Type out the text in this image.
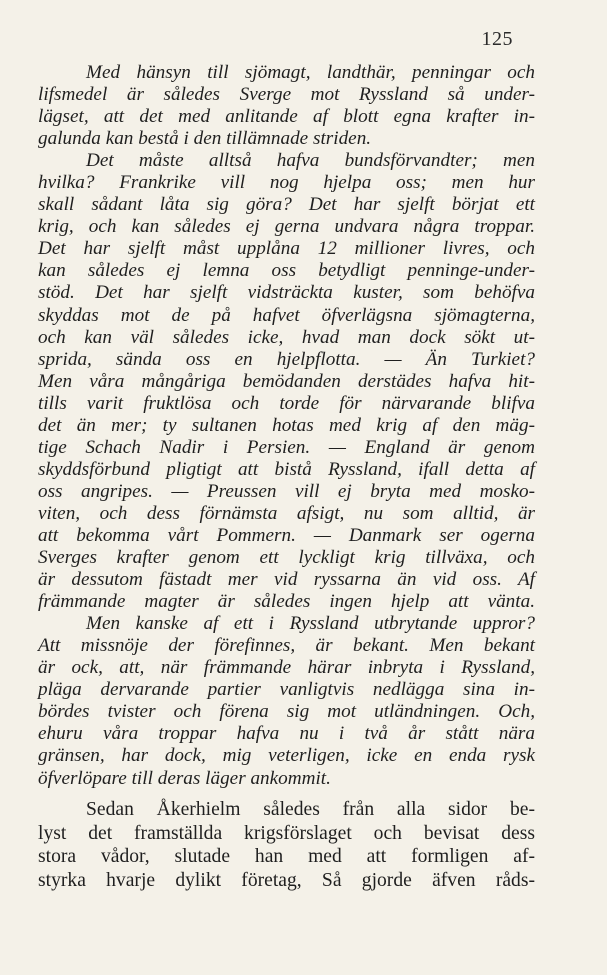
125
Med hänsyn till sjömagt, landthär, penningar och
lifsmedel är således Sverge mot Ryssland så under-
lägset, att det med anlitande af blott egna krafter in-
galunda kan bestå i den tillämnade striden.
Det måste alltså hafva bundsförvandter; men
hvilka? Frankrike vill nog hjelpa oss; men hur
skall sådant låta sig göra? Det har sjelft börjat ett
krig, och kan således ej gerna undvara några troppar.
Det har sjelft måst upplåna 12 millioner livres, och
kan således ej lemna oss betydligt penninge-under-
stöd. Det har sjelft vidsträckta kuster, som behöfva
skyddas mot de på hafvet öfverlägsna sjömagterna,
och kan väl således icke, hvad man dock sökt ut-
sprida, sända oss en hjelpflotta. — Än Turkiet?
Men våra mångåriga bemödanden derstädes hafva hit-
tills varit fruktlösa och torde för närvarande blifva
det än mer; ty sultanen hotas med krig af den mäg-
tige Schach Nadir i Persien. — England är genom
skyddsförbund pligtigt att bistå Ryssland, ifall detta af
oss angripes. — Preussen vill ej bryta med mosko-
viten, och dess förnämsta afsigt, nu som alltid, är
att bekomma vårt Pommern. — Danmark ser ogerna
Sverges krafter genom ett lyckligt krig tillväxa, och
är dessutom fästadt mer vid ryssarna än vid oss. Af
främmande magter är således ingen hjelp att vänta.
Men kanske af ett i Ryssland utbrytande uppror?
Att missnöje der förefinnes, är bekant. Men bekant
är ock, att, när främmande härar inbryta i Ryssland,
pläga dervarande partier vanligtvis nedlägga sina in-
bördes tvister och förena sig mot utländningen. Och,
ehuru våra troppar hafva nu i två år stått nära
gränsen, har dock, mig veterligen, icke en enda rysk
öfverlöpare till deras läger ankommit.
Sedan Åkerhielm således från alla sidor be-
lyst det framställda krigsförslaget och bevisat dess
stora vådor, slutade han med att formligen af-
styrka hvarje dylikt företag, Så gjorde äfven råds-
